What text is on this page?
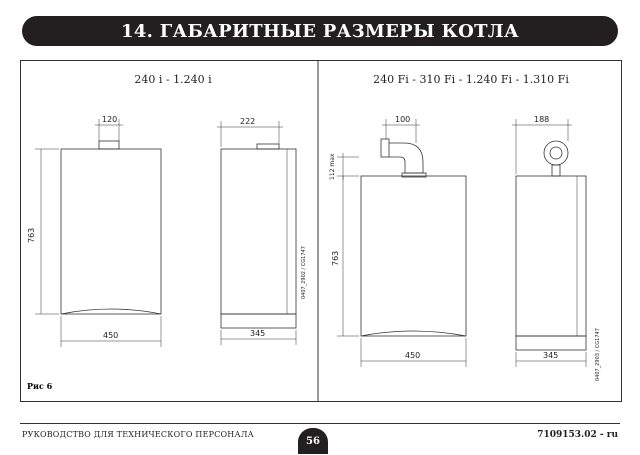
14. ГАБАРИТНЫЕ РАЗМЕРЫ КОТЛА
240 i - 1.240 i	240 Fi - 310 Fi - 1.240 Fi - 1.310 Fi
120
763
450
222
345
0407_2902 / CG1747
100
112 max
763
450
188
345	0407_2903 / CG1747
Рис 6
РУКОВОДСТВО ДЛЯ ТЕХНИЧЕСКОГО ПЕРСОНАЛА
56
7109153.02 - ru
